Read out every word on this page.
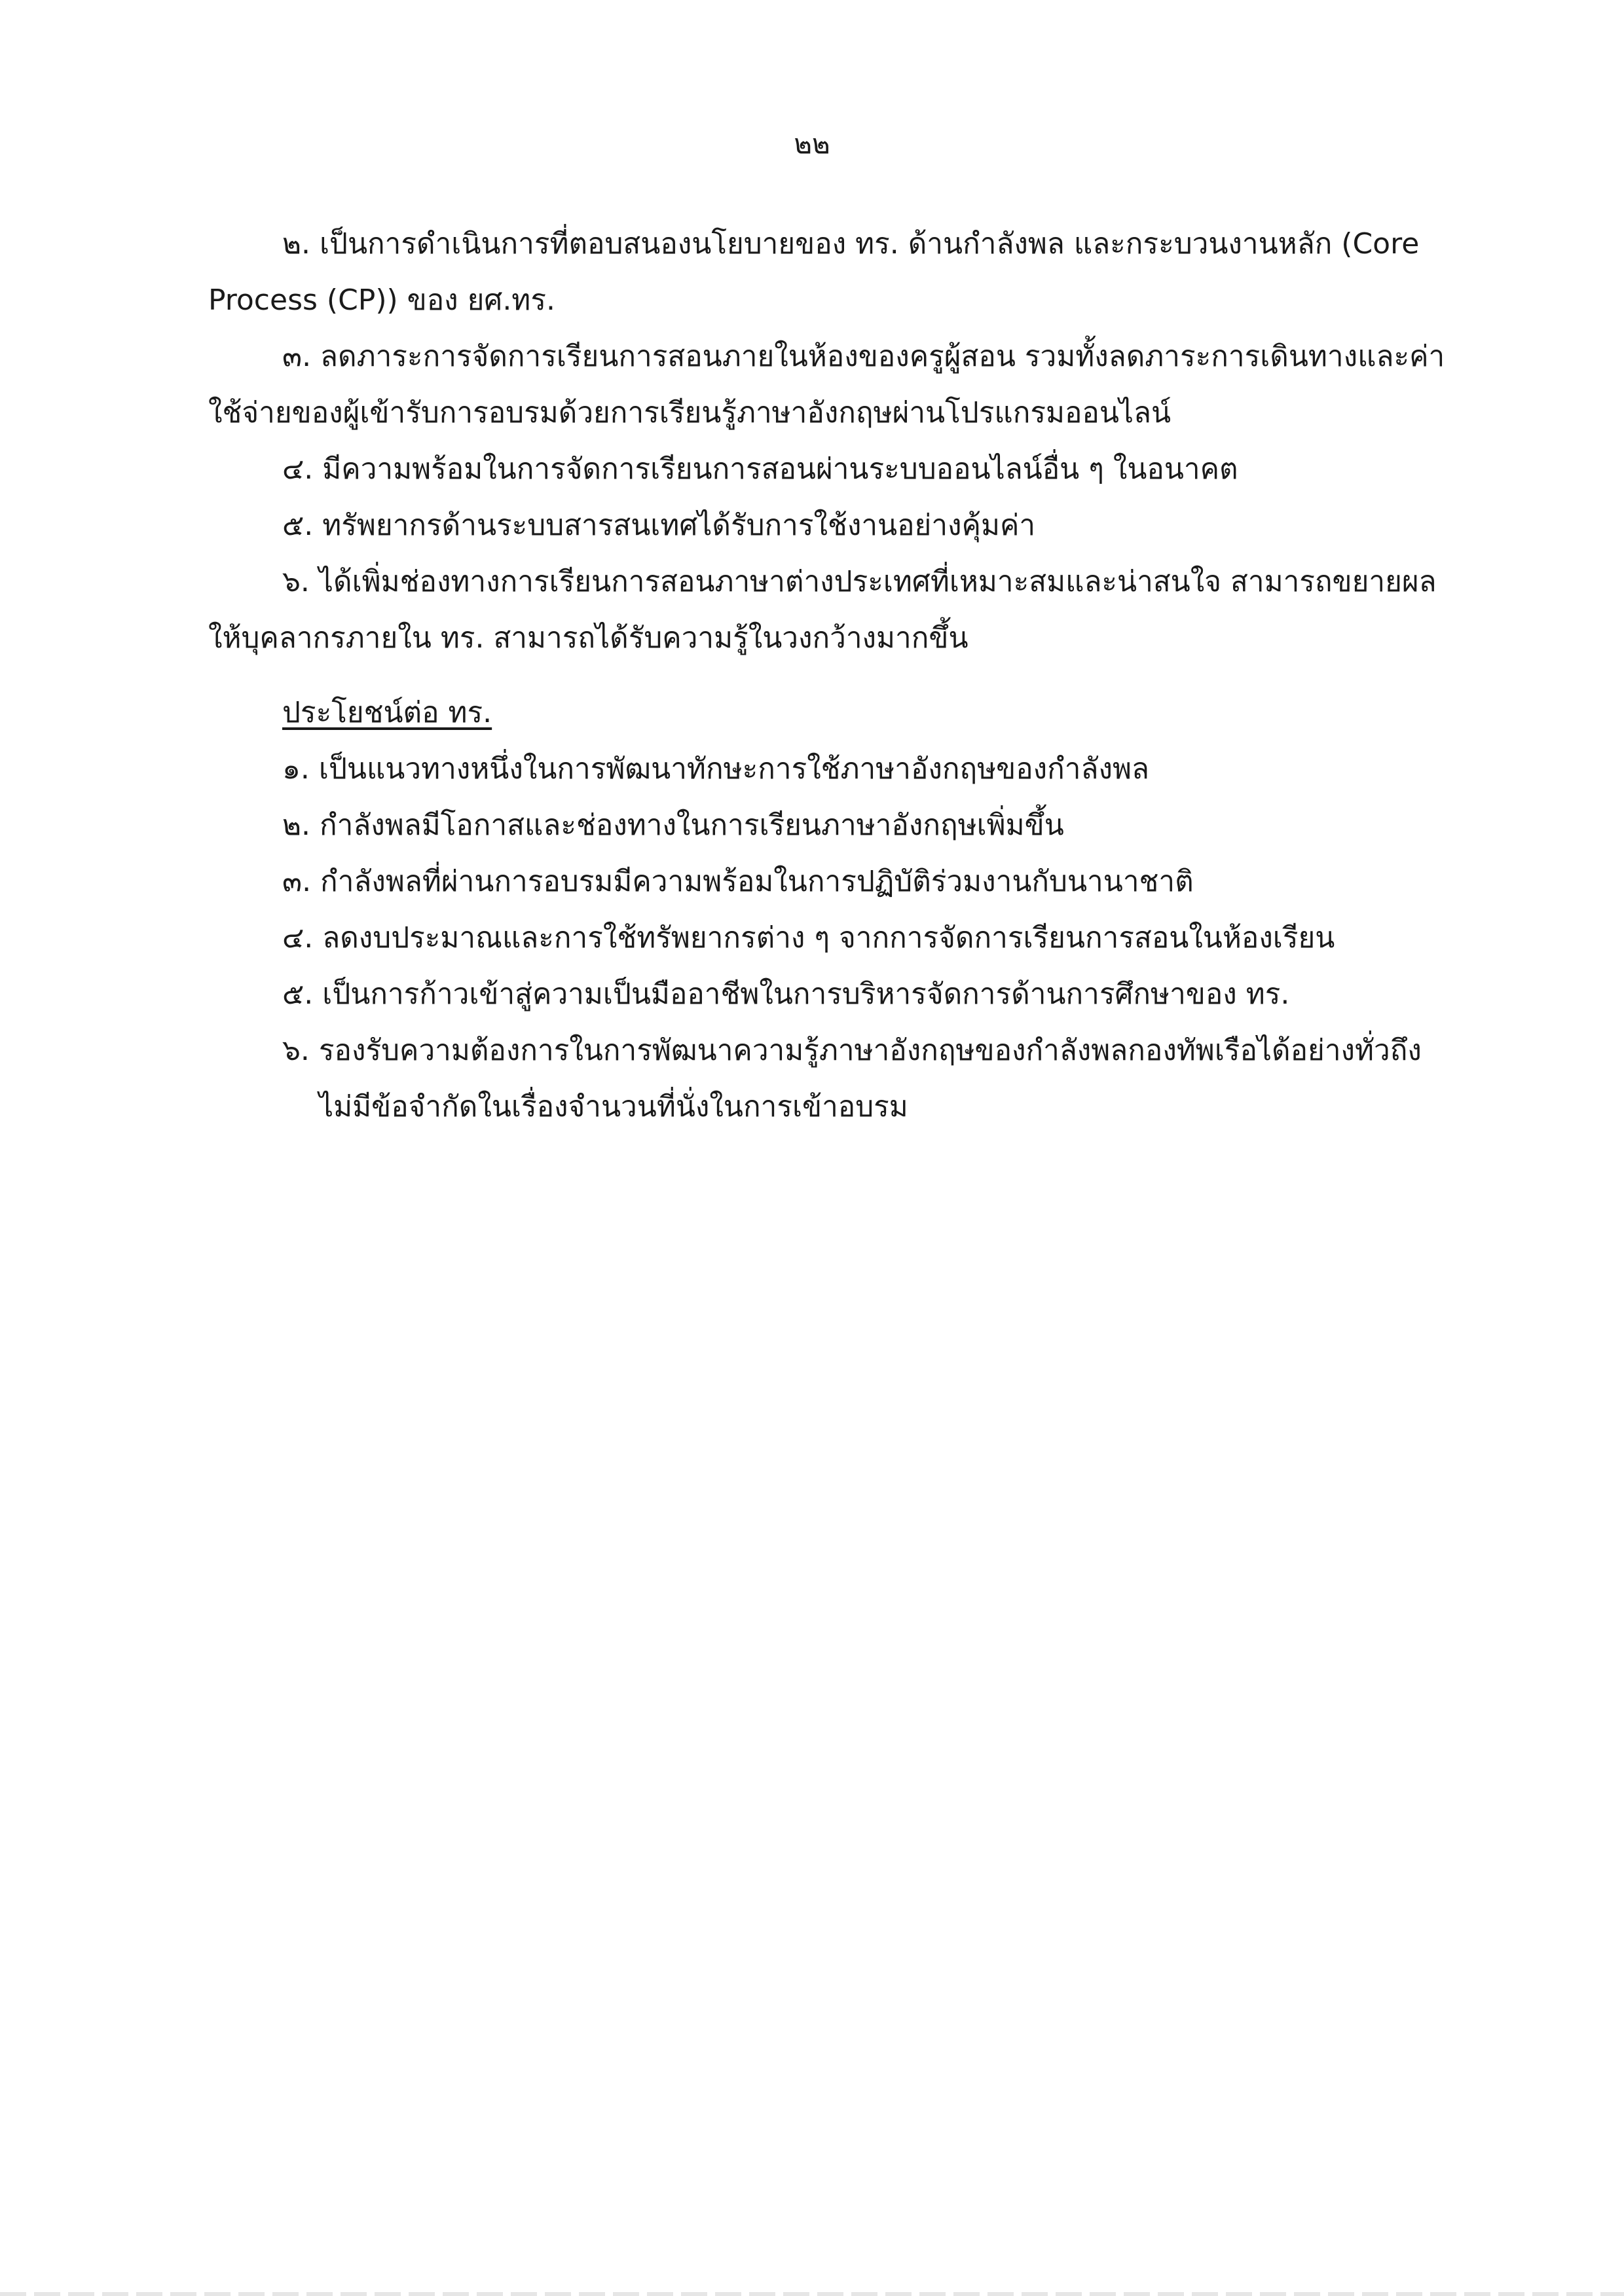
๒๒

๒. เป็นการดำเนินการที่ตอบสนองนโยบายของ ทร. ด้านกำลังพล และกระบวนงานหลัก (Core Process (CP)) ของ ยศ.ทร.

๓. ลดภาระการจัดการเรียนการสอนภายในห้องของครูผู้สอน รวมทั้งลดภาระการเดินทางและค่าใช้จ่ายของผู้เข้ารับการอบรมด้วยการเรียนรู้ภาษาอังกฤษผ่านโปรแกรมออนไลน์

๔. มีความพร้อมในการจัดการเรียนการสอนผ่านระบบออนไลน์อื่น ๆ ในอนาคต

๕. ทรัพยากรด้านระบบสารสนเทศได้รับการใช้งานอย่างคุ้มค่า

๖. ได้เพิ่มช่องทางการเรียนการสอนภาษาต่างประเทศที่เหมาะสมและน่าสนใจ สามารถขยายผลให้บุคลากรภายใน ทร. สามารถได้รับความรู้ในวงกว้างมากขึ้น

ประโยชน์ต่อ ทร.

๑. เป็นแนวทางหนึ่งในการพัฒนาทักษะการใช้ภาษาอังกฤษของกำลังพล
๒. กำลังพลมีโอกาสและช่องทางในการเรียนภาษาอังกฤษเพิ่มขึ้น
๓. กำลังพลที่ผ่านการอบรมมีความพร้อมในการปฏิบัติร่วมงานกับนานาชาติ
๔. ลดงบประมาณและการใช้ทรัพยากรต่าง ๆ จากการจัดการเรียนการสอนในห้องเรียน
๕. เป็นการก้าวเข้าสู่ความเป็นมืออาชีพในการบริหารจัดการด้านการศึกษาของ ทร.
๖. รองรับความต้องการในการพัฒนาความรู้ภาษาอังกฤษของกำลังพลกองทัพเรือได้อย่างทั่วถึง ไม่มีข้อจำกัดในเรื่องจำนวนที่นั่งในการเข้าอบรม
